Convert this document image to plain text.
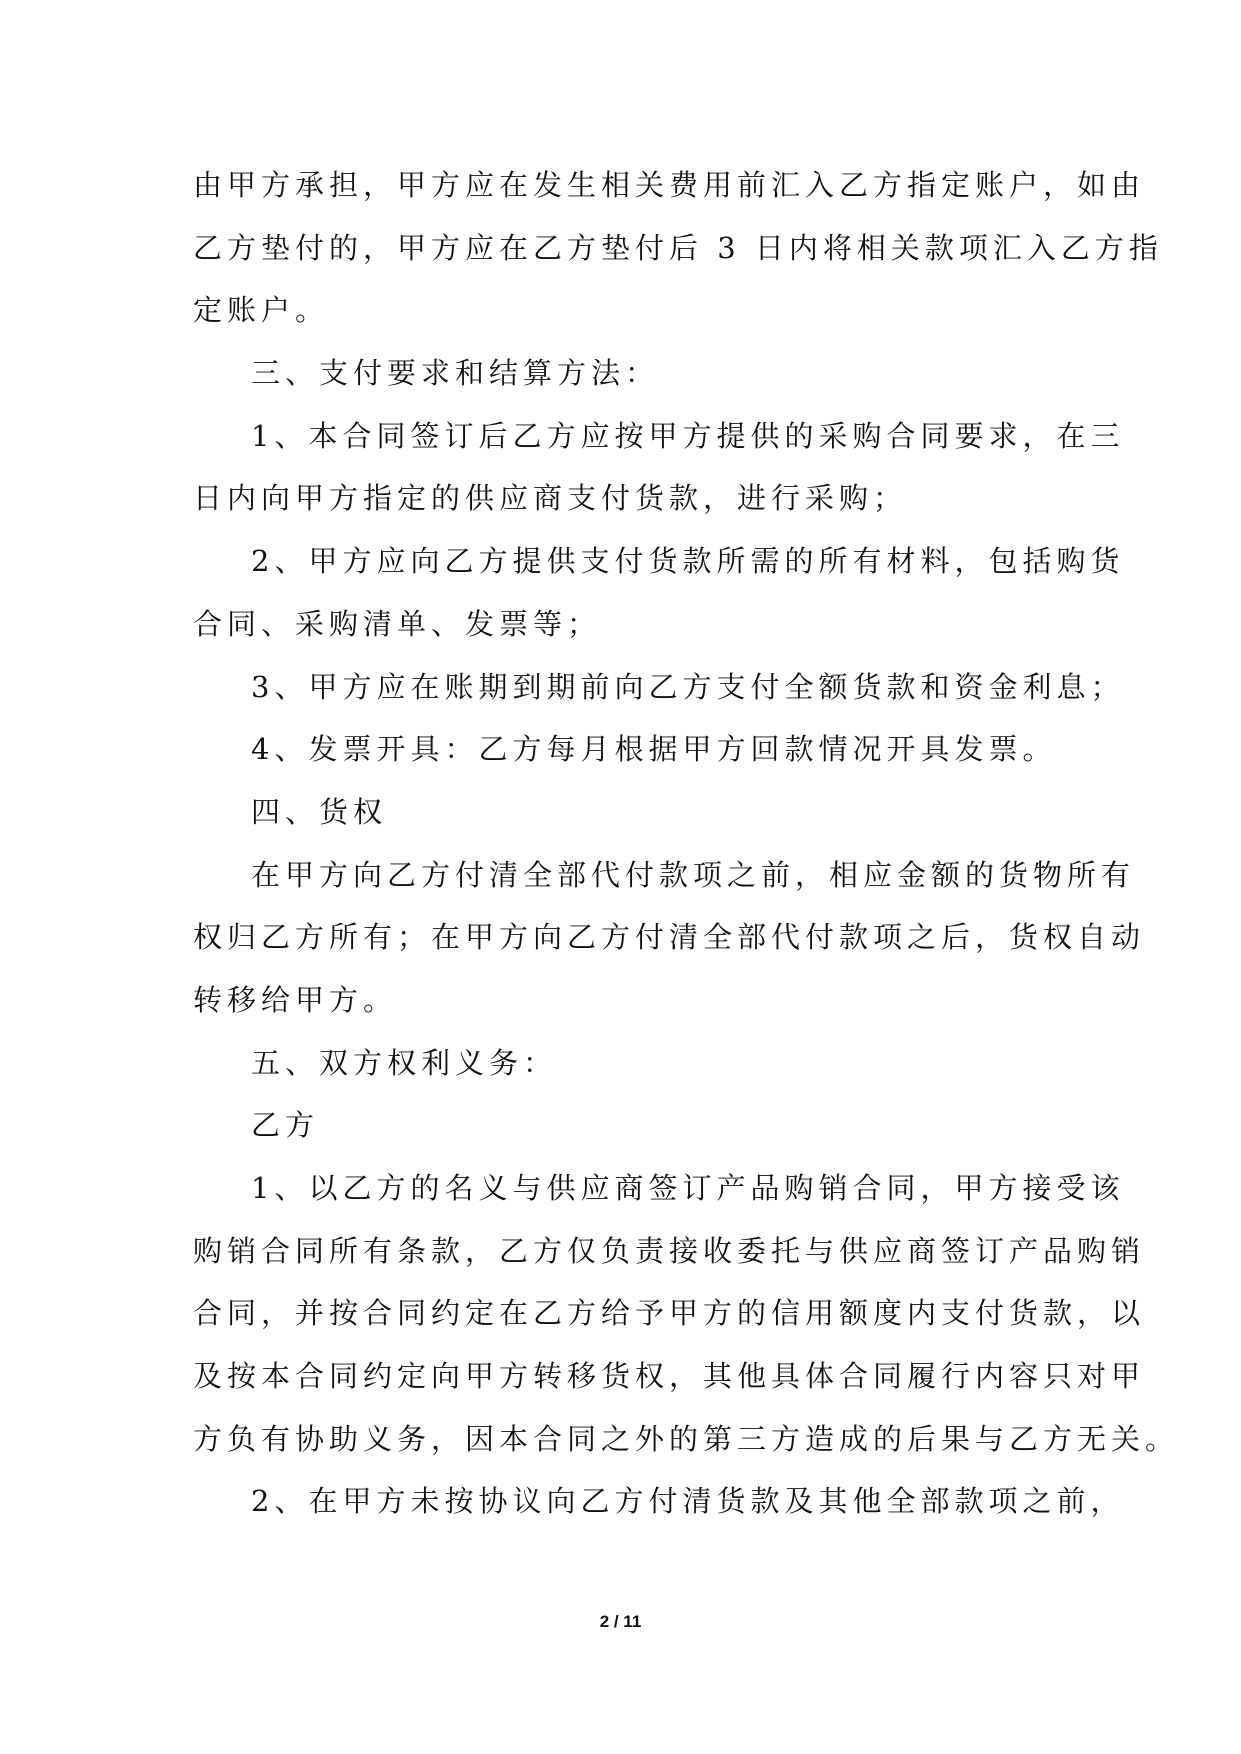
由甲方承担，甲方应在发生相关费用前汇入乙方指定账户，如由
乙方垫付的，甲方应在乙方垫付后 3 日内将相关款项汇入乙方指
定账户。
三、支付要求和结算方法：
1、本合同签订后乙方应按甲方提供的采购合同要求，在三
日内向甲方指定的供应商支付货款，进行采购；
2、甲方应向乙方提供支付货款所需的所有材料，包括购货
合同、采购清单、发票等；
3、甲方应在账期到期前向乙方支付全额货款和资金利息；
4、发票开具：乙方每月根据甲方回款情况开具发票。
四、货权
在甲方向乙方付清全部代付款项之前，相应金额的货物所有
权归乙方所有；在甲方向乙方付清全部代付款项之后，货权自动
转移给甲方。
五、双方权利义务：
乙方
1、以乙方的名义与供应商签订产品购销合同，甲方接受该
购销合同所有条款，乙方仅负责接收委托与供应商签订产品购销
合同，并按合同约定在乙方给予甲方的信用额度内支付货款，以
及按本合同约定向甲方转移货权，其他具体合同履行内容只对甲
方负有协助义务，因本合同之外的第三方造成的后果与乙方无关。
2、在甲方未按协议向乙方付清货款及其他全部款项之前，
2 / 11
